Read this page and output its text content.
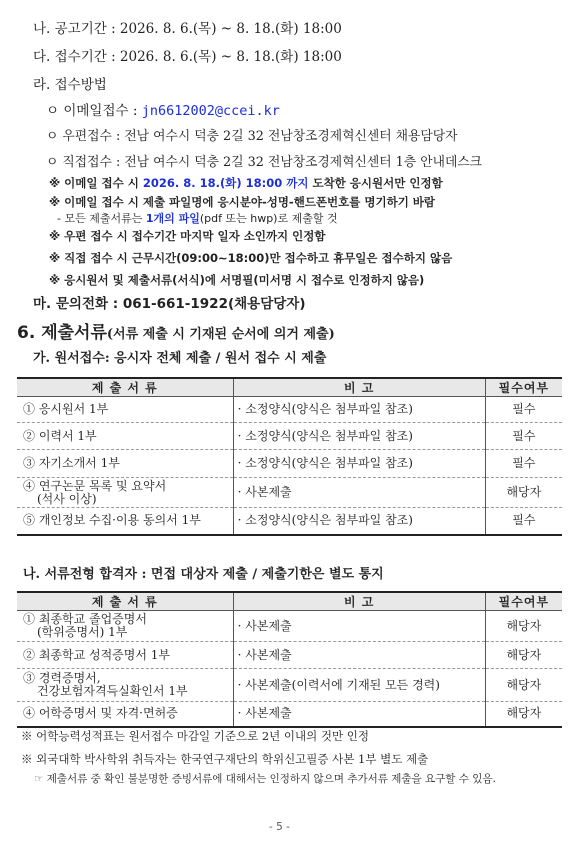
나. 공고기간 : 2026. 8. 6.(목) ~ 8. 18.(화) 18:00
다. 접수기간 : 2026. 8. 6.(목) ~ 8. 18.(화) 18:00
라. 접수방법
ㅇ 이메일접수 : jn6612002@ccei.kr
ㅇ 우편접수 : 전남 여수시 덕충 2길 32 전남창조경제혁신센터 채용담당자
ㅇ 직접접수 : 전남 여수시 덕충 2길 32 전남창조경제혁신센터 1층 안내데스크
※ 이메일 접수 시 2026. 8. 18.(화) 18:00 까지 도착한 응시원서만 인정함
※ 이메일 접수 시 제출 파일명에 응시분야-성명-핸드폰번호를 명기하기 바람
- 모든 제출서류는 1개의 파일(pdf 또는 hwp)로 제출할 것
※ 우편 접수 시 접수기간 마지막 일자 소인까지 인정함
※ 직접 접수 시 근무시간(09:00~18:00)만 접수하고 휴무일은 접수하지 않음
※ 응시원서 및 제출서류(서식)에 서명필(미서명 시 접수로 인정하지 않음)
마. 문의전화 : 061-661-1922(채용담당자)
6. 제출서류(서류 제출 시 기재된 순서에 의거 제출)
가. 원서접수: 응시자 전체 제출 / 원서 접수 시 제출
제 출 서 류	비 고	필수여부
① 응시원서 1부	· 소정양식(양식은 첨부파일 참조)	필수
② 이력서 1부	· 소정양식(양식은 첨부파일 참조)	필수
③ 자기소개서 1부	· 소정양식(양식은 첨부파일 참조)	필수

④ 연구논문 목록 및 요약서
(석사 이상)	· 사본제출	해당자
⑤ 개인정보 수집·이용 동의서 1부	· 소정양식(양식은 첨부파일 참조)	필수
나. 서류전형 합격자 : 면접 대상자 제출 / 제출기한은 별도 통지
제 출 서 류	비 고	필수여부

① 최종학교 졸업증명서
(학위증명서) 1부	· 사본제출	해당자
② 최종학교 성적증명서 1부	· 사본제출	해당자

③ 경력증명서,
건강보험자격득실확인서 1부	· 사본제출(이력서에 기재된 모든 경력)	해당자
④ 어학증명서 및 자격·면허증	· 사본제출	해당자
※ 어학능력성적표는 원서접수 마감일 기준으로 2년 이내의 것만 인정
※ 외국대학 박사학위 취득자는 한국연구재단의 학위신고필증 사본 1부 별도 제출
☞ 제출서류 중 확인 불분명한 증빙서류에 대해서는 인정하지 않으며 추가서류 제출을 요구할 수 있음.
- 5 -
